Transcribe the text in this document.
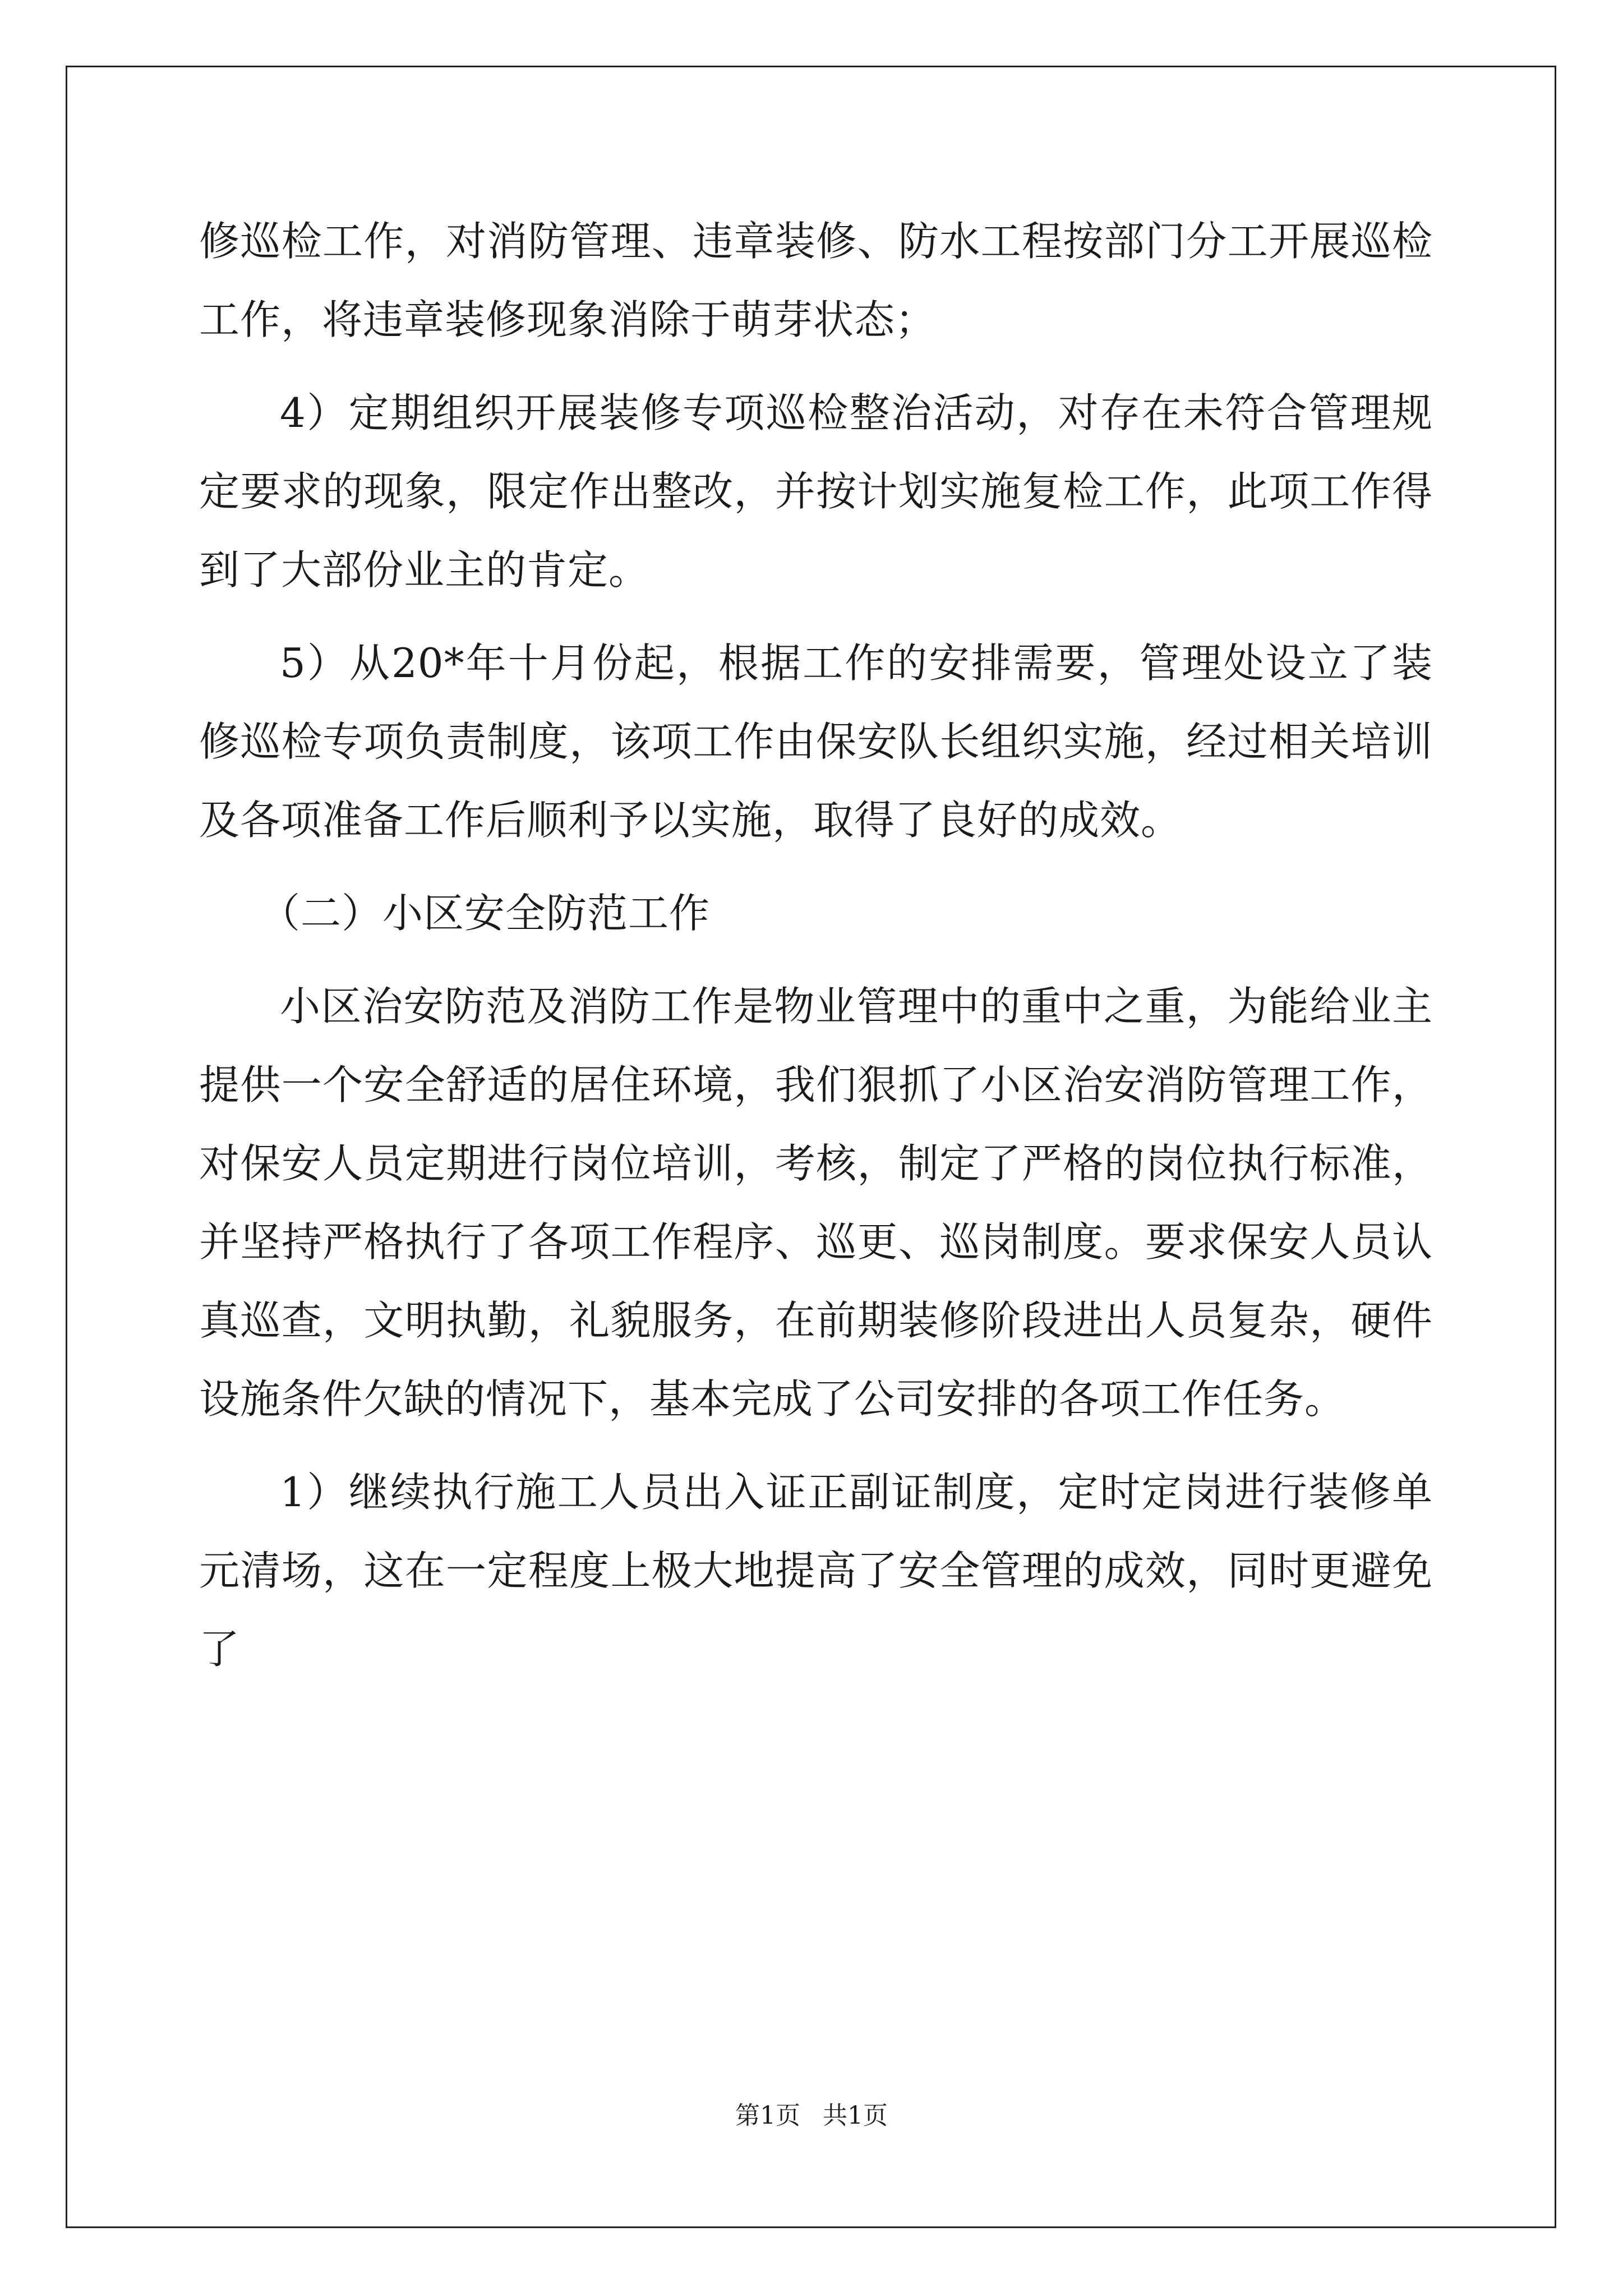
修巡检工作，对消防管理、违章装修、防水工程按部门分工开展巡检工作，将违章装修现象消除于萌芽状态；

4）定期组织开展装修专项巡检整治活动，对存在未符合管理规定要求的现象，限定作出整改，并按计划实施复检工作，此项工作得到了大部份业主的肯定。

5）从20*年十月份起，根据工作的安排需要，管理处设立了装修巡检专项负责制度，该项工作由保安队长组织实施，经过相关培训及各项准备工作后顺利予以实施，取得了良好的成效。

（二）小区安全防范工作

小区治安防范及消防工作是物业管理中的重中之重，为能给业主提供一个安全舒适的居住环境，我们狠抓了小区治安消防管理工作，对保安人员定期进行岗位培训，考核，制定了严格的岗位执行标准，并坚持严格执行了各项工作程序、巡更、巡岗制度。要求保安人员认真巡查，文明执勤，礼貌服务，在前期装修阶段进出人员复杂，硬件设施条件欠缺的情况下，基本完成了公司安排的各项工作任务。

1）继续执行施工人员出入证正副证制度，定时定岗进行装修单元清场，这在一定程度上极大地提高了安全管理的成效，同时更避免了

第1页 共1页
